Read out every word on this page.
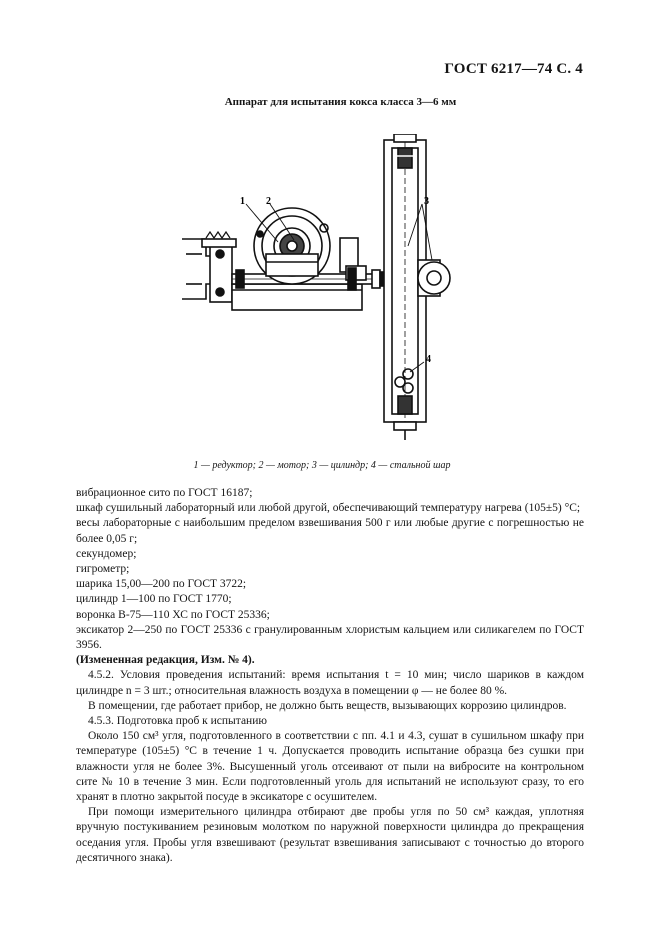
ГОСТ 6217—74 С. 4
Аппарат для испытания кокса класса 3—6 мм
1 2	3
4
1 — редуктор; 2 — мотор; 3 — цилиндр; 4 — стальной шар

вибрационное сито по ГОСТ 16187;

шкаф сушильный лабораторный или любой другой, обеспечивающий температуру нагрева (105±5) °С;

весы лабораторные с наибольшим пределом взвешивания 500 г или любые другие с погрешностью не более 0,05 г;

секундомер;

гигрометр;

шарика 15,00—200 по ГОСТ 3722;

цилиндр 1—100 по ГОСТ 1770;

воронка В-75—110 ХС по ГОСТ 25336;

эксикатор 2—250 по ГОСТ 25336 с гранулированным хлористым кальцием или силикагелем по ГОСТ 3956.

(Измененная редакция, Изм. № 4).

4.5.2. Условия проведения испытаний: время испытания t = 10 мин; число шариков в каждом цилиндре n = 3 шт.; относительная влажность воздуха в помещении φ — не более 80 %.

В помещении, где работает прибор, не должно быть веществ, вызывающих коррозию цилиндров.

4.5.3. Подготовка проб к испытанию

Около 150 см³ угля, подготовленного в соответствии с пп. 4.1 и 4.3, сушат в сушильном шкафу при температуре (105±5) °С в течение 1 ч. Допускается проводить испытание образца без сушки при влажности угля не более 3%. Высушенный уголь отсеивают от пыли на вибросите на контрольном сите № 10 в течение 3 мин. Если подготовленный уголь для испытаний не используют сразу, то его хранят в плотно закрытой посуде в эксикаторе с осушителем.

При помощи измерительного цилиндра отбирают две пробы угля по 50 см³ каждая, уплотняя вручную постукиванием резиновым молотком по наружной поверхности цилиндра до прекращения оседания угля. Пробы угля взвешивают (результат взвешивания записывают с точностью до второго десятичного знака).
